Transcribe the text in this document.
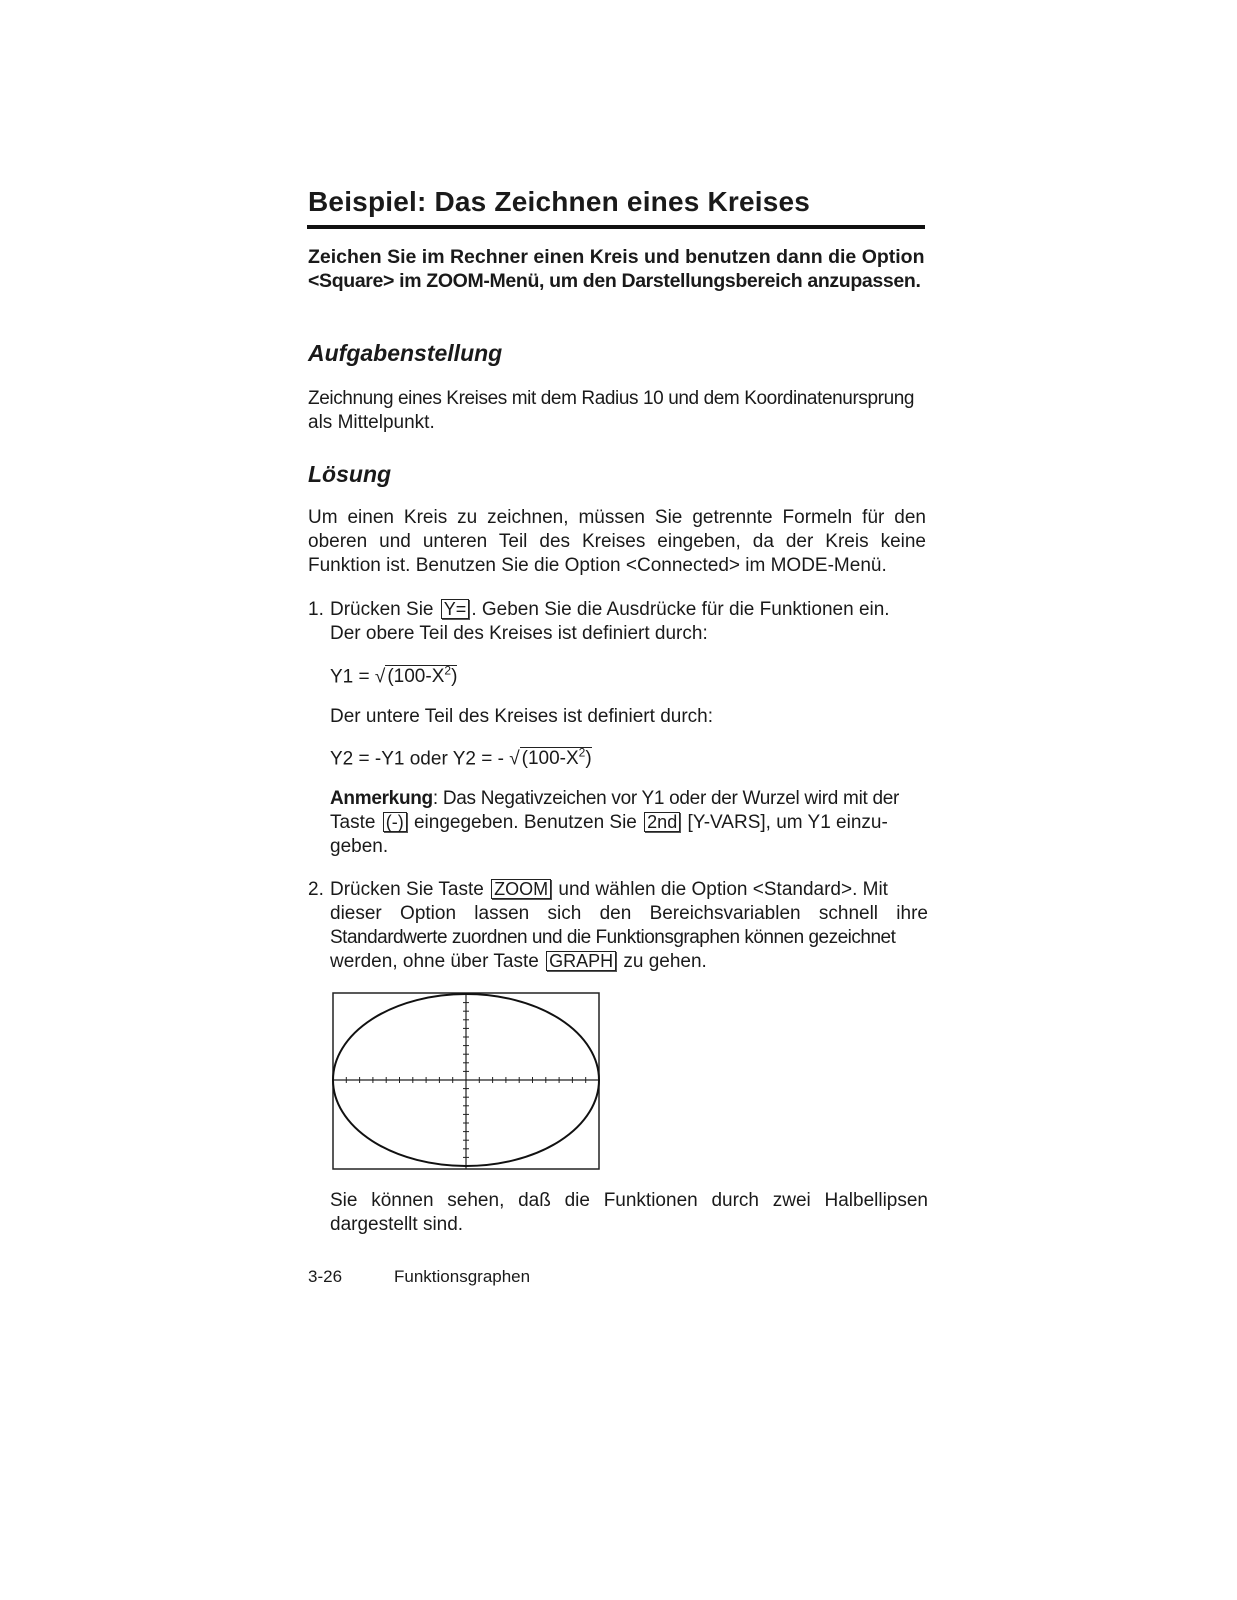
Beispiel: Das Zeichnen eines Kreises

Zeichen Sie im Rechner einen Kreis und benutzen dann die Option
<Square> im ZOOM-Menü, um den Darstellungsbereich anzupassen.

Aufgabenstellung

Zeichnung eines Kreises mit dem Radius 10 und dem Koordinatenursprung
als Mittelpunkt.

Lösung

Um einen Kreis zu zeichnen, müssen Sie getrennte Formeln für den
oberen und unteren Teil des Kreises eingeben, da der Kreis keine
Funktion ist. Benutzen Sie die Option <Connected> im MODE-Menü.

1. Drücken Sie Y= . Geben Sie die Ausdrücke für die Funktionen ein.
Der obere Teil des Kreises ist definiert durch:

Y1 = √ $(100-X^2)$

Der untere Teil des Kreises ist definiert durch:

Y2 = -Y1 oder Y2 = - √ $(100-X^2)$

Anmerkung: Das Negativzeichen vor Y1 oder der Wurzel wird mit der
Taste (-) eingegeben. Benutzen Sie 2nd [Y-VARS], um Y1 einzu-
geben.

2. Drücken Sie Taste ZOOM und wählen die Option <Standard>. Mit
dieser Option lassen sich den Bereichsvariablen schnell ihre
Standardwerte zuordnen und die Funktionsgraphen können gezeichnet
werden, ohne über Taste GRAPH zu gehen.

Sie können sehen, daß die Funktionen durch zwei Halbellipsen
dargestellt sind.

3-26	Funktionsgraphen
